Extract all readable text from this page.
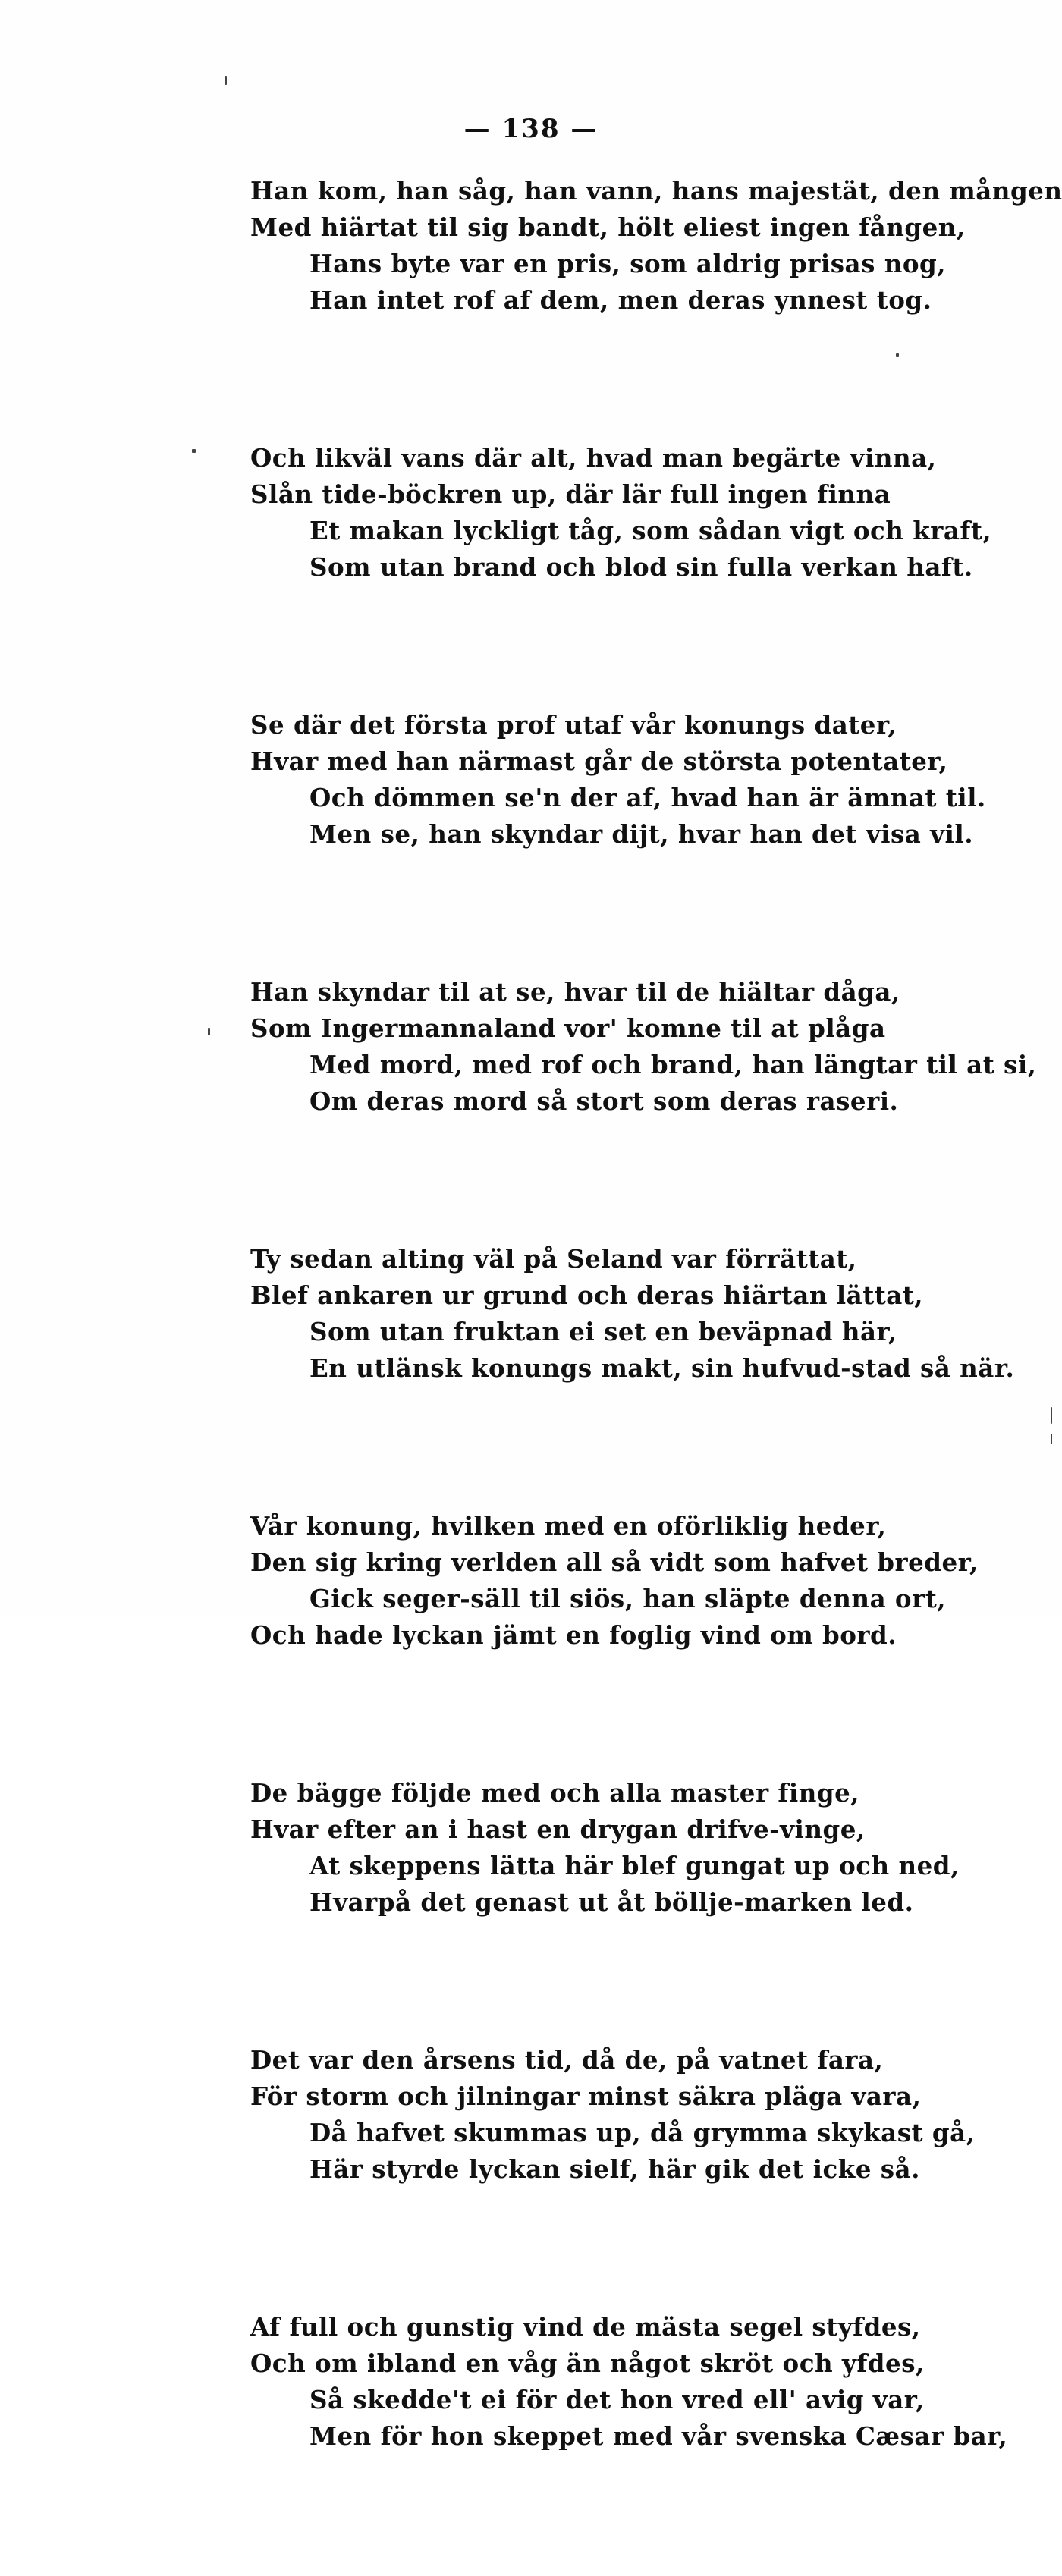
— 138 —
Han kom, han såg, han vann, hans majestät, den mången
Med hiärtat til sig bandt, hölt eliest ingen fången,
Hans byte var en pris, som aldrig prisas nog,
Han intet rof af dem, men deras ynnest tog.
Och likväl vans där alt, hvad man begärte vinna,
Slån tide-böckren up, där lär full ingen finna
Et makan lyckligt tåg, som sådan vigt och kraft,
Som utan brand och blod sin fulla verkan haft.
Se där det första prof utaf vår konungs dater,
Hvar med han närmast går de största potentater,
Och dömmen se'n der af, hvad han är ämnat til.
Men se, han skyndar dijt, hvar han det visa vil.
Han skyndar til at se, hvar til de hiältar dåga,
Som Ingermannaland vor' komne til at plåga
Med mord, med rof och brand, han längtar til at si,
Om deras mord så stort som deras raseri.
Ty sedan alting väl på Seland var förrättat,
Blef ankaren ur grund och deras hiärtan lättat,
Som utan fruktan ei set en beväpnad här,
En utlänsk konungs makt, sin hufvud-stad så när.
Vår konung, hvilken med en oförliklig heder,
Den sig kring verlden all så vidt som hafvet breder,
Gick seger-säll til siös, han släpte denna ort,
Och hade lyckan jämt en foglig vind om bord.
De bägge följde med och alla master finge,
Hvar efter an i hast en drygan drifve-vinge,
At skeppens lätta här blef gungat up och ned,
Hvarpå det genast ut åt böllje-marken led.
Det var den årsens tid, då de, på vatnet fara,
För storm och jilningar minst säkra pläga vara,
Då hafvet skummas up, då grymma skykast gå,
Här styrde lyckan sielf, här gik det icke så.
Af full och gunstig vind de mästa segel styfdes,
Och om ibland en våg än något skröt och yfdes,
Så skedde't ei för det hon vred ell' avig var,
Men för hon skeppet med vår svenska Cæsar bar,
